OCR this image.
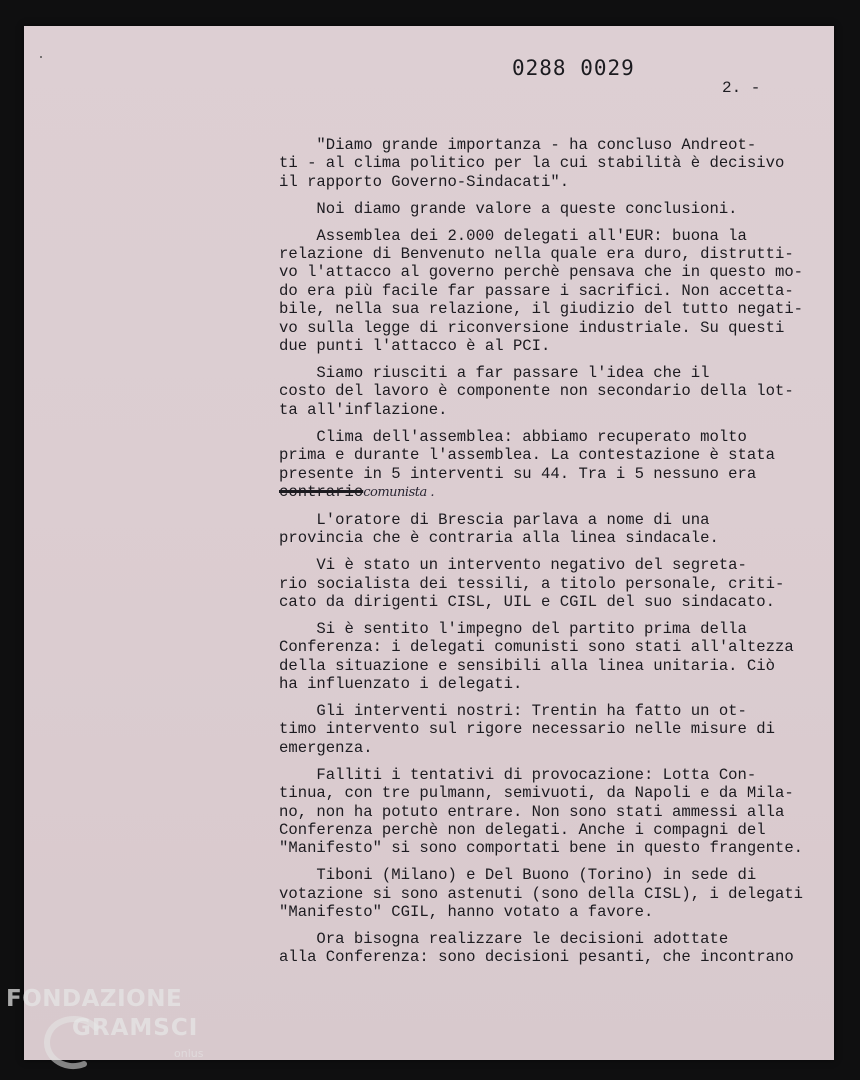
0288 0029
2. -

"Diamo grande importanza - ha concluso Andreot-
ti - al clima politico per la cui stabilità è decisivo
il rapporto Governo-Sindacati".

Noi diamo grande valore a queste conclusioni.

Assemblea dei 2.000 delegati all'EUR: buona la
relazione di Benvenuto nella quale era duro, distrutti-
vo l'attacco al governo perchè pensava che in questo mo-
do era più facile far passare i sacrifici. Non accetta-
bile, nella sua relazione, il giudizio del tutto negati-
vo sulla legge di riconversione industriale. Su questi
due punti l'attacco è al PCI.

Siamo riusciti a far passare l'idea che il
costo del lavoro è componente non secondario della lot-
ta all'inflazione.

Clima dell'assemblea: abbiamo recuperato molto
prima e durante l'assemblea. La contestazione è stata
presente in 5 interventi su 44. Tra i 5 nessuno era
contrariocomunista .

L'oratore di Brescia parlava a nome di una
provincia che è contraria alla linea sindacale.

Vi è stato un intervento negativo del segreta-
rio socialista dei tessili, a titolo personale, criti-
cato da dirigenti CISL, UIL e CGIL del suo sindacato.

Si è sentito l'impegno del partito prima della
Conferenza: i delegati comunisti sono stati all'altezza
della situazione e sensibili alla linea unitaria. Ciò
ha influenzato i delegati.

Gli interventi nostri: Trentin ha fatto un ot-
timo intervento sul rigore necessario nelle misure di
emergenza.

Falliti i tentativi di provocazione: Lotta Con-
tinua, con tre pulmann, semivuoti, da Napoli e da Mila-
no, non ha potuto entrare. Non sono stati ammessi alla
Conferenza perchè non delegati. Anche i compagni del
"Manifesto" si sono comportati bene in questo frangente.

Tiboni (Milano) e Del Buono (Torino) in sede di
votazione si sono astenuti (sono della CISL), i delegati
"Manifesto" CGIL, hanno votato a favore.

Ora bisogna realizzare le decisioni adottate
alla Conferenza: sono decisioni pesanti, che incontrano

FONDAZIONE
GRAMSCI
onlus
